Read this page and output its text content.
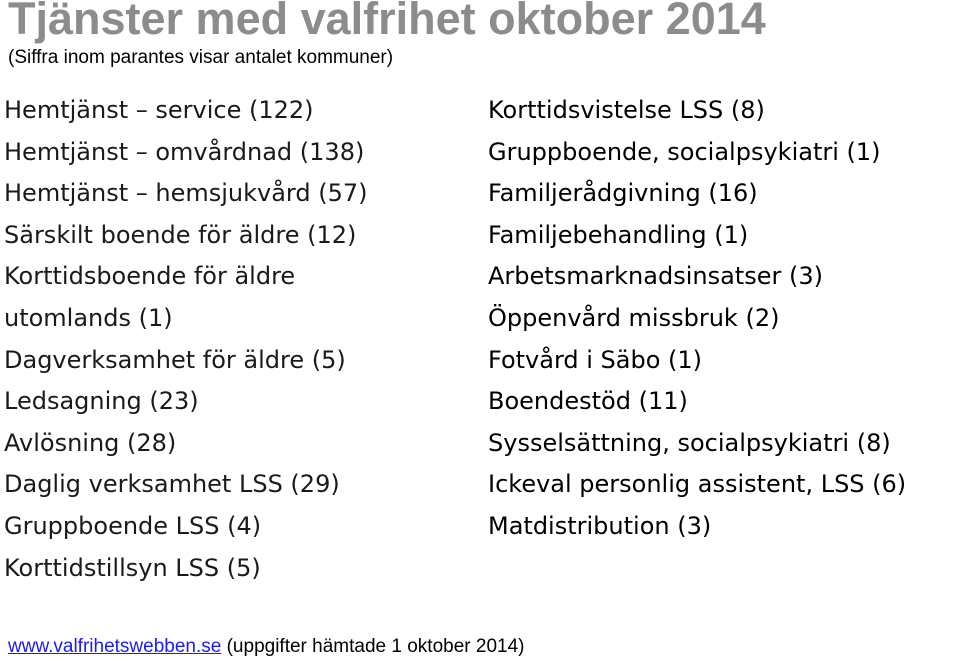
Tjänster med valfrihet oktober 2014
(Siffra inom parantes visar antalet kommuner)
Hemtjänst – service (122)
Hemtjänst – omvårdnad (138)
Hemtjänst – hemsjukvård (57)
Särskilt boende för äldre (12)
Korttidsboende för äldre
utomlands (1)
Dagverksamhet för äldre (5)
Ledsagning (23)
Avlösning (28)
Daglig verksamhet LSS (29)
Gruppboende LSS (4)
Korttidstillsyn LSS (5)
Korttidsvistelse LSS (8)
Gruppboende, socialpsykiatri (1)
Familjerådgivning (16)
Familjebehandling (1)
Arbetsmarknadsinsatser (3)
Öppenvård missbruk (2)
Fotvård i Säbo (1)
Boendestöd (11)
Sysselsättning, socialpsykiatri (8)
Ickeval personlig assistent, LSS (6)
Matdistribution (3)
www.valfrihetswebben.se (uppgifter hämtade 1 oktober 2014)
